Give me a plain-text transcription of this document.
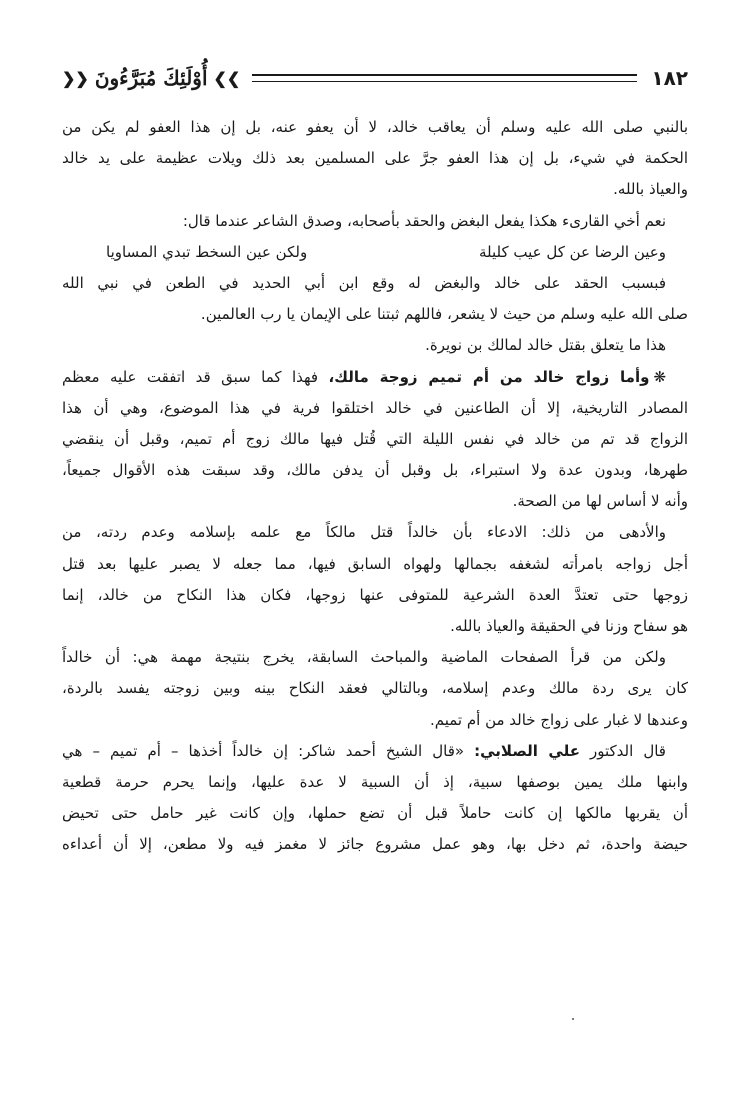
١٨٢
❯❯
أُوْلَئِكَ مُبَرَّءُونَ
❮❮
بالنبي صلى الله عليه وسلم أن يعاقب خالد، لا أن يعفو عنه، بل إن هذا العفو لم يكن من
الحكمة في شيء، بل إن هذا العفو جرَّ على المسلمين بعد ذلك ويلات عظيمة على يد خالد
والعياذ بالله.
نعم أخي القارىء هكذا يفعل البغض والحقد بأصحابه، وصدق الشاعر عندما قال:
وعين الرضا عن كل عيب كليلة
ولكن عين السخط تبدي المساويا
فبسبب الحقد على خالد والبغض له وقع ابن أبي الحديد في الطعن في نبي الله
صلى الله عليه وسلم من حيث لا يشعر، فاللهم ثبتنا على الإيمان يا رب العالمين.
هذا ما يتعلق بقتل خالد لمالك بن نويرة.
❋وأما زواج خالد من أم تميم زوجة مالك، فهذا كما سبق قد اتفقت عليه معظم
المصادر التاريخية، إلا أن الطاعنين في خالد اختلقوا فرية في هذا الموضوع، وهي أن هذا
الزواج قد تم من خالد في نفس الليلة التي قُتل فيها مالك زوج أم تميم، وقبل أن ينقضي
طهرها، وبدون عدة ولا استبراء، بل وقبل أن يدفن مالك، وقد سبقت هذه الأقوال جميعاً،
وأنه لا أساس لها من الصحة.
والأدهى من ذلك: الادعاء بأن خالداً قتل مالكاً مع علمه بإسلامه وعدم ردته، من
أجل زواجه بامرأته لشغفه بجمالها ولهواه السابق فيها، مما جعله لا يصبر عليها بعد قتل
زوجها حتى تعتدَّ العدة الشرعية للمتوفى عنها زوجها، فكان هذا النكاح من خالد، إنما
هو سفاح وزنا في الحقيقة والعياذ بالله.
ولكن من قرأ الصفحات الماضية والمباحث السابقة، يخرج بنتيجة مهمة هي: أن خالداً
كان يرى ردة مالك وعدم إسلامه، وبالتالي فعقد النكاح بينه وبين زوجته يفسد بالردة،
وعندها لا غبار على زواج خالد من أم تميم.
قال الدكتور علي الصلابي: «قال الشيخ أحمد شاكر: إن خالداً أخذها – أم تميم – هي
وابنها ملك يمين بوصفها سبية، إذ أن السبية لا عدة عليها، وإنما يحرم حرمة قطعية
أن يقربها مالكها إن كانت حاملاً قبل أن تضع حملها، وإن كانت غير حامل حتى تحيض
حيضة واحدة، ثم دخل بها، وهو عمل مشروع جائز لا مغمز فيه ولا مطعن، إلا أن أعداءه
